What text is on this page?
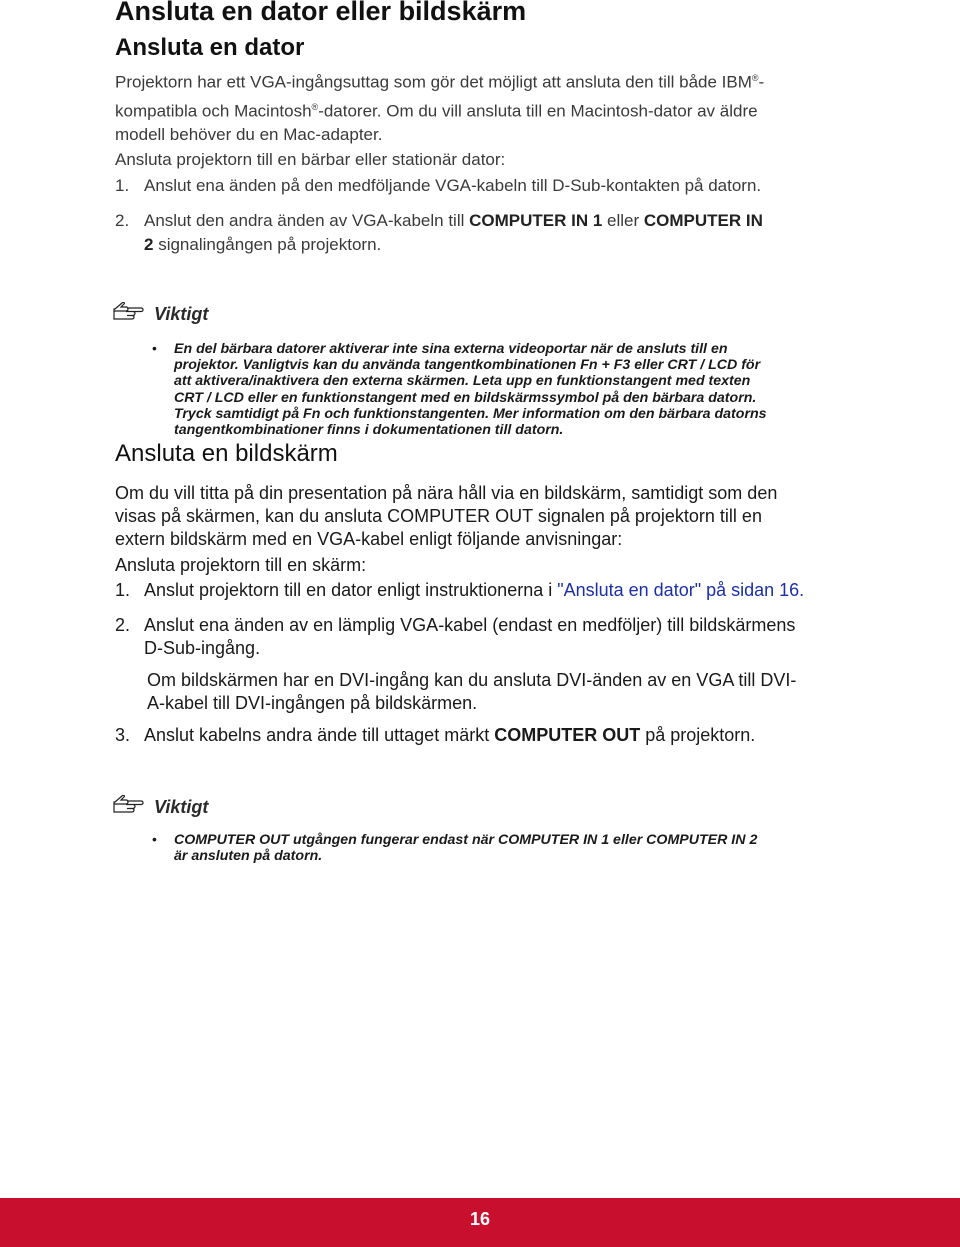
Ansluta en dator eller bildskärm
Ansluta en dator
Projektorn har ett VGA-ingångsuttag som gör det möjligt att ansluta den till både IBM®-
kompatibla och Macintosh®-datorer. Om du vill ansluta till en Macintosh-dator av äldre
modell behöver du en Mac-adapter.
Ansluta projektorn till en bärbar eller stationär dator:
1. Anslut ena änden på den medföljande VGA-kabeln till D-Sub-kontakten på datorn.
2. Anslut den andra änden av VGA-kabeln till COMPUTER IN 1 eller COMPUTER IN
2 signalingången på projektorn.
Viktigt
• En del bärbara datorer aktiverar inte sina externa videoportar när de ansluts till en
projektor. Vanligtvis kan du använda tangentkombinationen Fn + F3 eller CRT / LCD för
att aktivera/inaktivera den externa skärmen. Leta upp en funktionstangent med texten
CRT / LCD eller en funktionstangent med en bildskärmssymbol på den bärbara datorn.
Tryck samtidigt på Fn och funktionstangenten. Mer information om den bärbara datorns
tangentkombinationer finns i dokumentationen till datorn.
Ansluta en bildskärm
Om du vill titta på din presentation på nära håll via en bildskärm, samtidigt som den
visas på skärmen, kan du ansluta COMPUTER OUT signalen på projektorn till en
extern bildskärm med en VGA-kabel enligt följande anvisningar:
Ansluta projektorn till en skärm:
1. Anslut projektorn till en dator enligt instruktionerna i "Ansluta en dator" på sidan 16.
2. Anslut ena änden av en lämplig VGA-kabel (endast en medföljer) till bildskärmens
D-Sub-ingång.
Om bildskärmen har en DVI-ingång kan du ansluta DVI-änden av en VGA till DVI-
A-kabel till DVI-ingången på bildskärmen.
3. Anslut kabelns andra ände till uttaget märkt COMPUTER OUT på projektorn.
Viktigt
• COMPUTER OUT utgången fungerar endast när COMPUTER IN 1 eller COMPUTER IN 2
är ansluten på datorn.
16
